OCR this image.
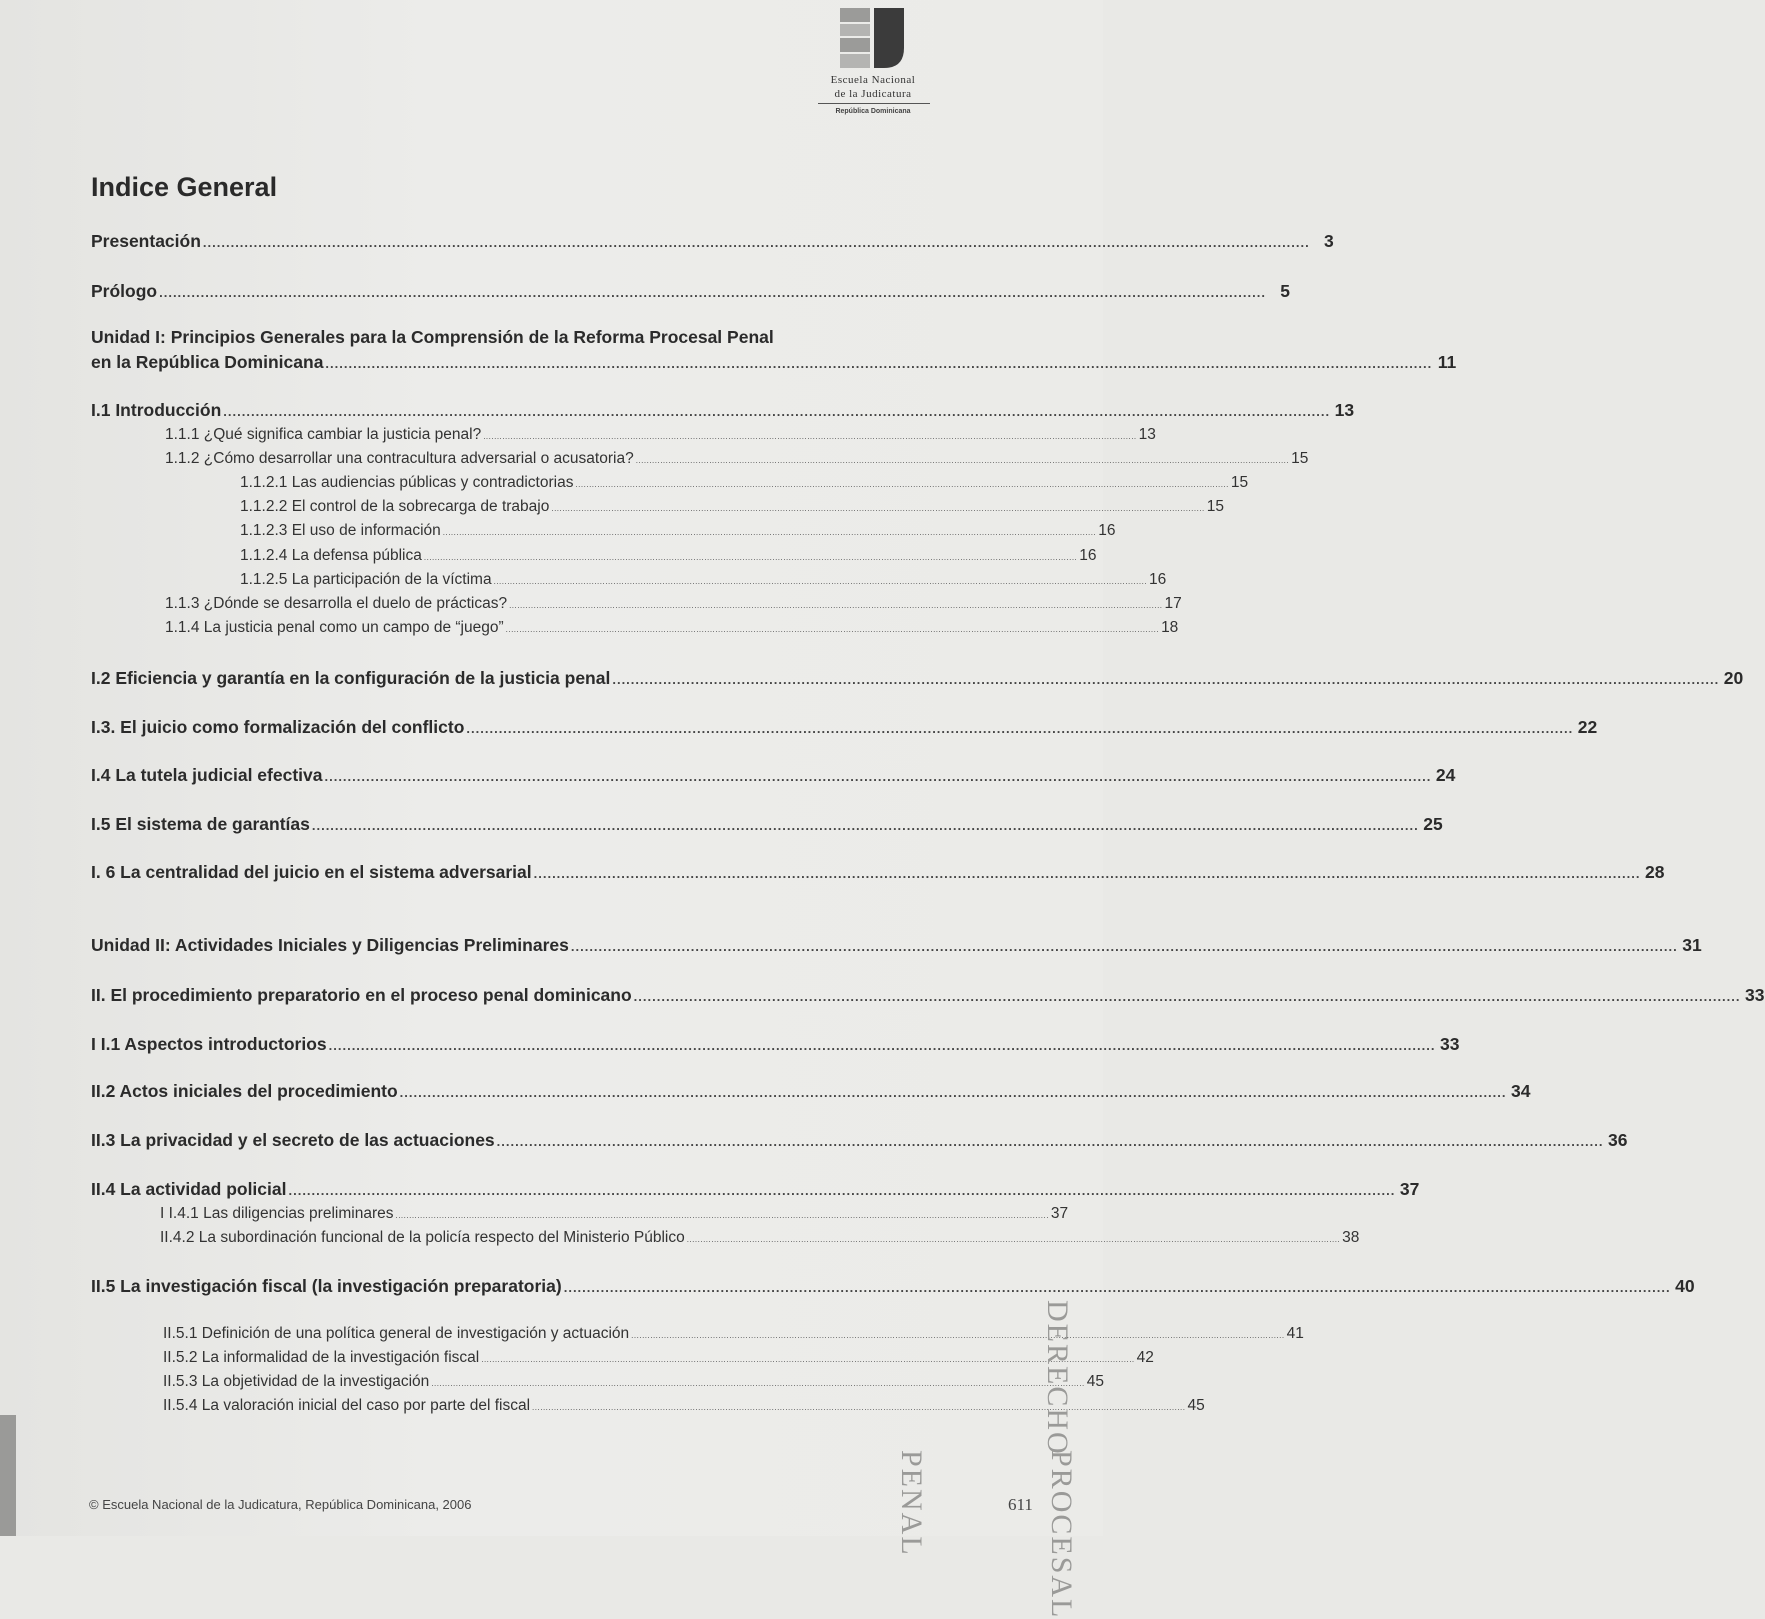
Escuela Nacional
de la Judicatura
República Dominicana
Indice General
Presentación ................................................................................................................................................................................................................................................ 3
Prólogo ................................................................................................................................................................................................................................................ 5
Unidad I: Principios Generales para la Comprensión de la Reforma Procesal Penal
en la República Dominicana ................................................................................................................................................................................................................................................ 11
I.1 Introducción ................................................................................................................................................................................................................................................ 13
1.1.1 ¿Qué significa cambiar la justicia penal? ................................................................................................................................................................................................................................................ 13
1.1.2 ¿Cómo desarrollar una contracultura adversarial o acusatoria? ................................................................................................................................................................................................................................................ 15
1.1.2.1 Las audiencias públicas y contradictorias ................................................................................................................................................................................................................................................ 15
1.1.2.2 El control de la sobrecarga de trabajo ................................................................................................................................................................................................................................................ 15
1.1.2.3 El uso de información ................................................................................................................................................................................................................................................ 16
1.1.2.4 La defensa pública ................................................................................................................................................................................................................................................ 16
1.1.2.5 La participación de la víctima ................................................................................................................................................................................................................................................ 16
1.1.3 ¿Dónde se desarrolla el duelo de prácticas? ................................................................................................................................................................................................................................................ 17
1.1.4 La justicia penal como un campo de “juego” ................................................................................................................................................................................................................................................ 18
I.2 Eficiencia y garantía en la configuración de la justicia penal ................................................................................................................................................................................................................................................ 20
I.3. El juicio como formalización del conflicto ................................................................................................................................................................................................................................................ 22
I.4 La tutela judicial efectiva ................................................................................................................................................................................................................................................ 24
I.5 El sistema de garantías ................................................................................................................................................................................................................................................ 25
I. 6 La centralidad del juicio en el sistema adversarial ................................................................................................................................................................................................................................................ 28
Unidad II: Actividades Iniciales y Diligencias Preliminares ................................................................................................................................................................................................................................................ 31
II. El procedimiento preparatorio en el proceso penal dominicano ................................................................................................................................................................................................................................................ 33
I I.1 Aspectos introductorios ................................................................................................................................................................................................................................................ 33
II.2 Actos iniciales del procedimiento ................................................................................................................................................................................................................................................ 34
II.3 La privacidad y el secreto de las actuaciones ................................................................................................................................................................................................................................................ 36
II.4 La actividad policial ................................................................................................................................................................................................................................................ 37
I I.4.1 Las diligencias preliminares ................................................................................................................................................................................................................................................ 37
II.4.2 La subordinación funcional de la policía respecto del Ministerio Público ................................................................................................................................................................................................................................................ 38
II.5 La investigación fiscal (la investigación preparatoria) ................................................................................................................................................................................................................................................ 40
II.5.1 Definición de una política general de investigación y actuación ................................................................................................................................................................................................................................................ 41
II.5.2 La informalidad de la investigación fiscal ................................................................................................................................................................................................................................................ 42
II.5.3 La objetividad de la investigación ................................................................................................................................................................................................................................................ 45
II.5.4 La valoración inicial del caso por parte del fiscal ................................................................................................................................................................................................................................................ 45
© Escuela Nacional de la Judicatura, República Dominicana, 2006	611
DERECHO
PROCESAL
PENAL
